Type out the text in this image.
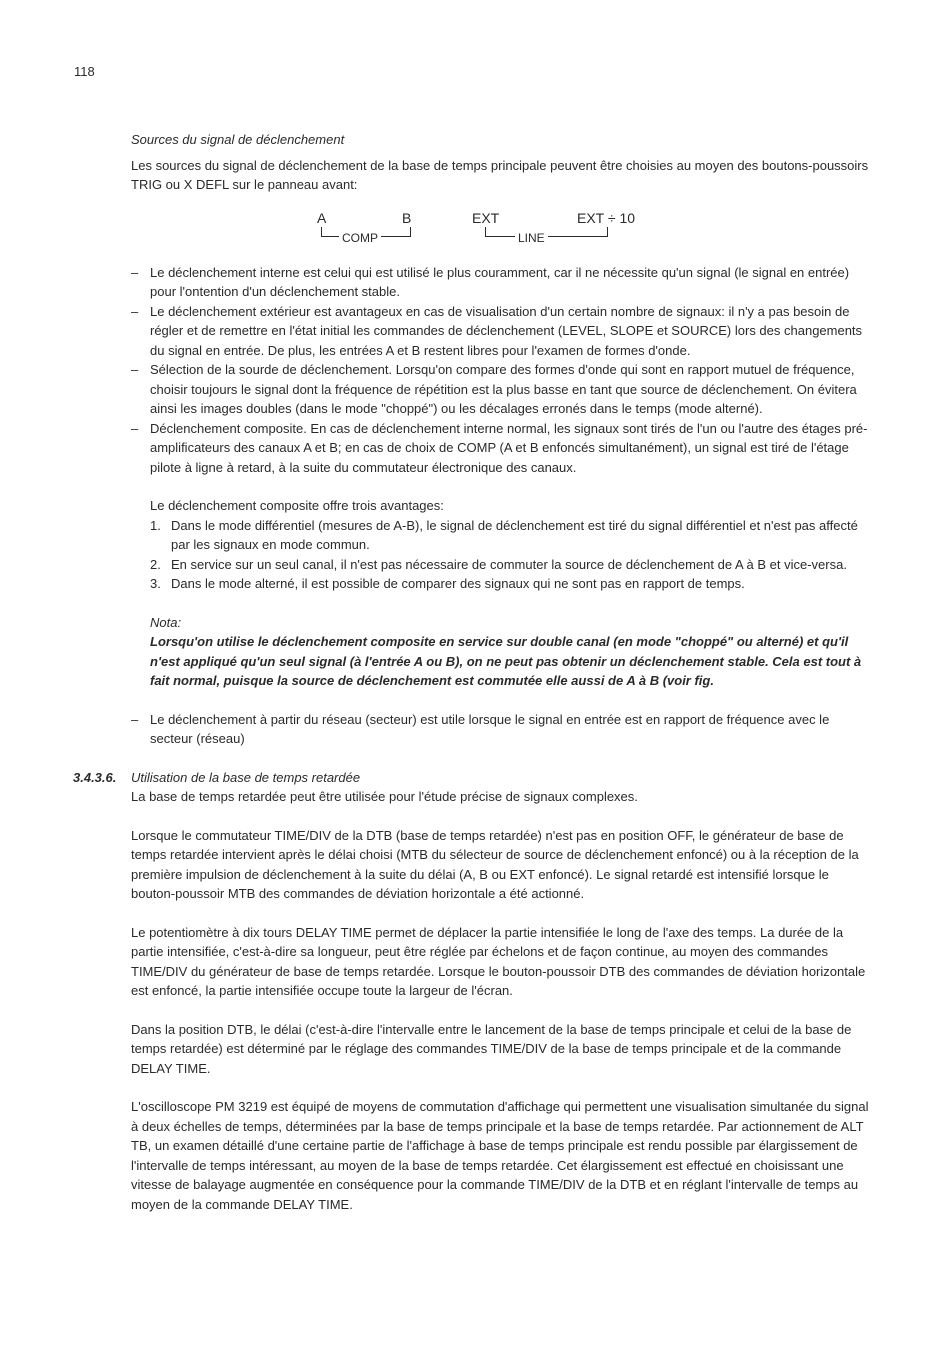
118

Sources du signal de déclenchement

Les sources du signal de déclenchement de la base de temps principale peuvent être choisies au moyen des boutons-poussoirs TRIG ou X DEFL sur le panneau avant:

A	B	EXT	EXT ÷ 10
COMP	LINE
– Le déclenchement interne est celui qui est utilisé le plus couramment, car il ne nécessite qu'un signal (le signal en entrée) pour l'ontention d'un déclenchement stable.
– Le déclenchement extérieur est avantageux en cas de visualisation d'un certain nombre de signaux: il n'y a pas besoin de régler et de remettre en l'état initial les commandes de déclenchement (LEVEL, SLOPE et SOURCE) lors des changements du signal en entrée. De plus, les entrées A et B restent libres pour l'examen de formes d'onde.
– Sélection de la sourde de déclenchement. Lorsqu'on compare des formes d'onde qui sont en rapport mutuel de fréquence, choisir toujours le signal dont la fréquence de répétition est la plus basse en tant que source de déclenchement. On évitera ainsi les images doubles (dans le mode "choppé") ou les décalages erronés dans le temps (mode alterné).
– Déclenchement composite. En cas de déclenchement interne normal, les signaux sont tirés de l'un ou l'autre des étages pré-amplificateurs des canaux A et B; en cas de choix de COMP (A et B enfoncés simultanément), un signal est tiré de l'étage pilote à ligne à retard, à la suite du commutateur électronique des canaux.

Le déclenchement composite offre trois avantages:

1. Dans le mode différentiel (mesures de A-B), le signal de déclenchement est tiré du signal différentiel et n'est pas affecté par les signaux en mode commun.
2. En service sur un seul canal, il n'est pas nécessaire de commuter la source de déclenchement de A à B et vice-versa.
3. Dans le mode alterné, il est possible de comparer des signaux qui ne sont pas en rapport de temps.

Nota:

Lorsqu'on utilise le déclenchement composite en service sur double canal (en mode "choppé" ou alterné) et qu'il n'est appliqué qu'un seul signal (à l'entrée A ou B), on ne peut pas obtenir un déclenchement stable. Cela est tout à fait normal, puisque la source de déclenchement est commutée elle aussi de A à B (voir fig.

– Le déclenchement à partir du réseau (secteur) est utile lorsque le signal en entrée est en rapport de fréquence avec le secteur (réseau)
3.4.3.6. Utilisation de la base de temps retardée

La base de temps retardée peut être utilisée pour l'étude précise de signaux complexes.

Lorsque le commutateur TIME/DIV de la DTB (base de temps retardée) n'est pas en position OFF, le générateur de base de temps retardée intervient après le délai choisi (MTB du sélecteur de source de déclenchement enfoncé) ou à la réception de la première impulsion de déclenchement à la suite du délai (A, B ou EXT enfoncé). Le signal retardé est intensifié lorsque le bouton-poussoir MTB des commandes de déviation horizontale a été actionné.

Le potentiomètre à dix tours DELAY TIME permet de déplacer la partie intensifiée le long de l'axe des temps. La durée de la partie intensifiée, c'est-à-dire sa longueur, peut être réglée par échelons et de façon continue, au moyen des commandes TIME/DIV du générateur de base de temps retardée. Lorsque le bouton-poussoir DTB des commandes de déviation horizontale est enfoncé, la partie intensifiée occupe toute la largeur de l'écran.

Dans la position DTB, le délai (c'est-à-dire l'intervalle entre le lancement de la base de temps principale et celui de la base de temps retardée) est déterminé par le réglage des commandes TIME/DIV de la base de temps principale et de la commande DELAY TIME.

L'oscilloscope PM 3219 est équipé de moyens de commutation d'affichage qui permettent une visualisation simultanée du signal à deux échelles de temps, déterminées par la base de temps principale et la base de temps retardée. Par actionnement de ALT TB, un examen détaillé d'une certaine partie de l'affichage à base de temps principale est rendu possible par élargissement de l'intervalle de temps intéressant, au moyen de la base de temps retardée. Cet élargissement est effectué en choisissant une vitesse de balayage augmentée en conséquence pour la commande TIME/DIV de la DTB et en réglant l'intervalle de temps au moyen de la commande DELAY TIME.
